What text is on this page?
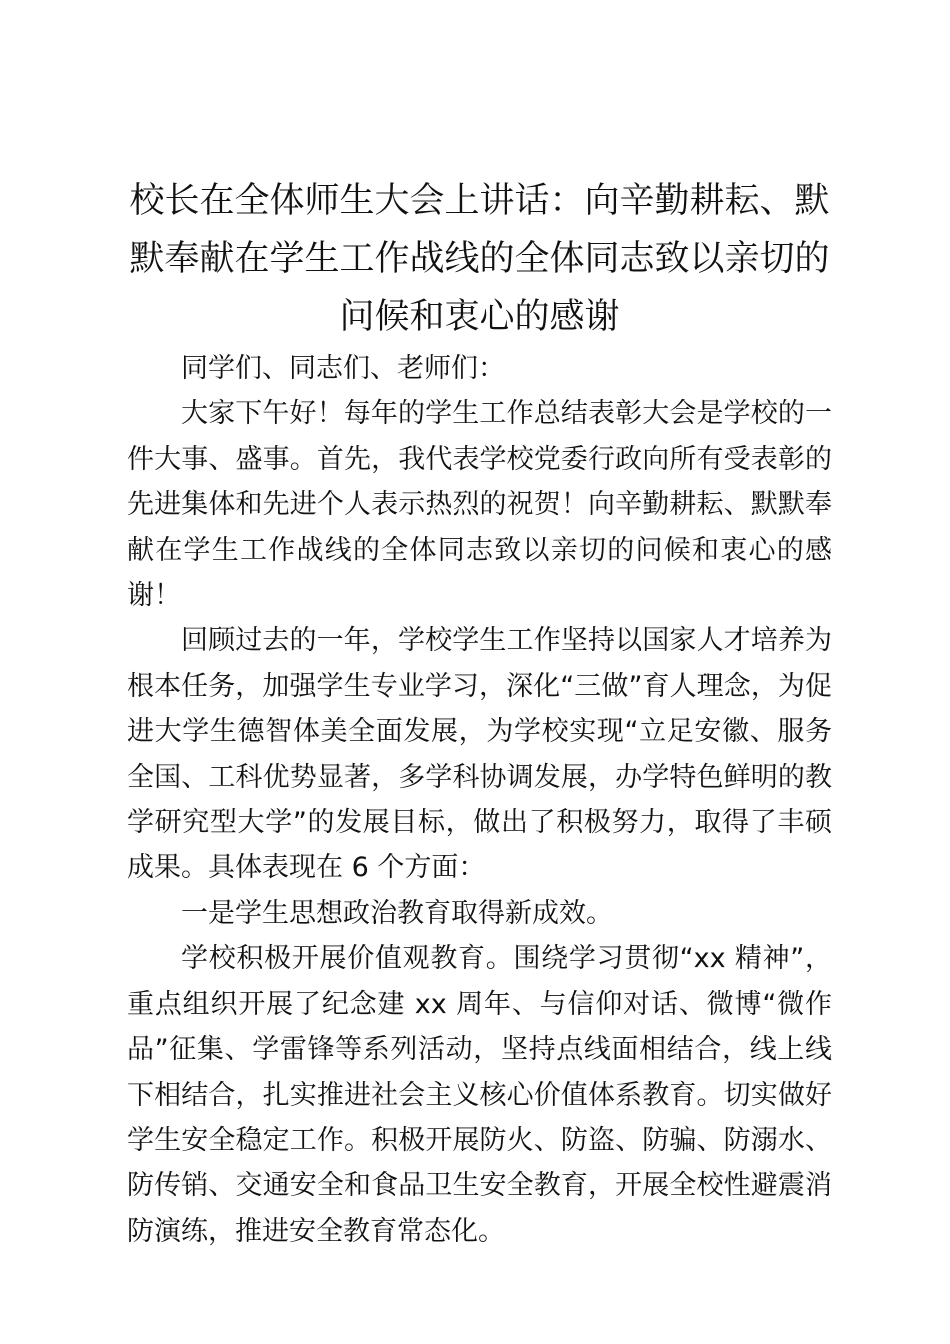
校长在全体师生大会上讲话：向辛勤耕耘、默默奉献在学生工作战线的全体同志致以亲切的问候和衷心的感谢

同学们、同志们、老师们：

大家下午好！每年的学生工作总结表彰大会是学校的一件大事、盛事。首先，我代表学校党委行政向所有受表彰的先进集体和先进个人表示热烈的祝贺！向辛勤耕耘、默默奉献在学生工作战线的全体同志致以亲切的问候和衷心的感谢！

回顾过去的一年，学校学生工作坚持以国家人才培养为根本任务，加强学生专业学习，深化“三做”育人理念，为促进大学生德智体美全面发展，为学校实现“立足安徽、服务全国、工科优势显著，多学科协调发展，办学特色鲜明的教学研究型大学”的发展目标，做出了积极努力，取得了丰硕成果。具体表现在 6 个方面：

一是学生思想政治教育取得新成效。

学校积极开展价值观教育。围绕学习贯彻“xx 精神”，重点组织开展了纪念建 xx 周年、与信仰对话、微博“微作品”征集、学雷锋等系列活动，坚持点线面相结合，线上线下相结合，扎实推进社会主义核心价值体系教育。切实做好学生安全稳定工作。积极开展防火、防盗、防骗、防溺水、防传销、交通安全和食品卫生安全教育，开展全校性避震消防演练，推进安全教育常态化。
